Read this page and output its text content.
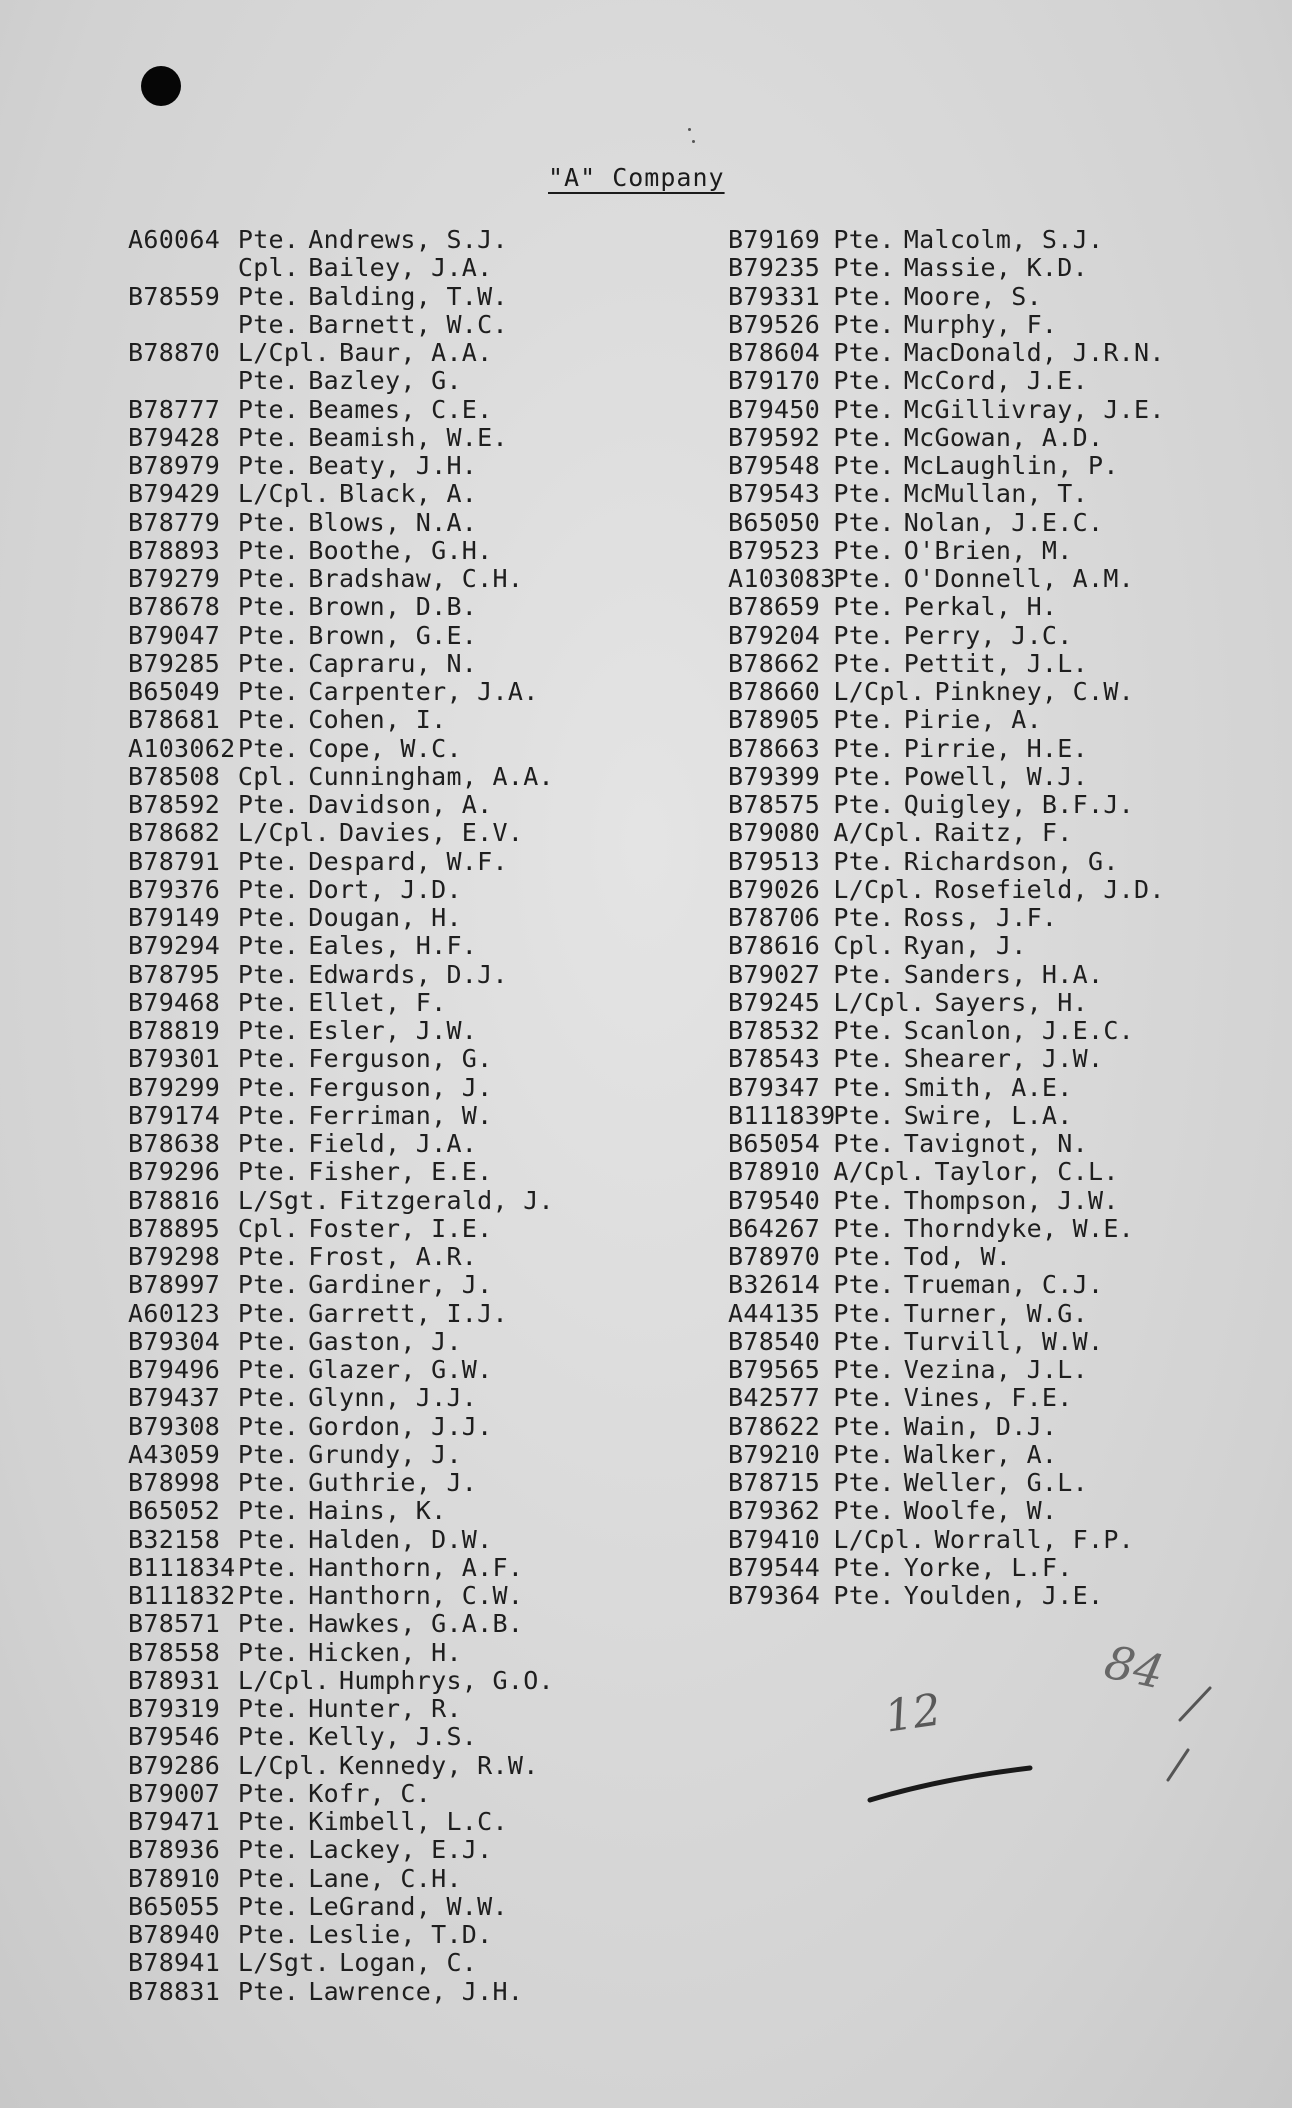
"A" Company
A60064 Pte. Andrews, S.J.
Cpl. Bailey, J.A.
B78559 Pte. Balding, T.W.
Pte. Barnett, W.C.
B78870 L/Cpl. Baur, A.A.
Pte. Bazley, G.
B78777 Pte. Beames, C.E.
B79428 Pte. Beamish, W.E.
B78979 Pte. Beaty, J.H.
B79429 L/Cpl. Black, A.
B78779 Pte. Blows, N.A.
B78893 Pte. Boothe, G.H.
B79279 Pte. Bradshaw, C.H.
B78678 Pte. Brown, D.B.
B79047 Pte. Brown, G.E.
B79285 Pte. Capraru, N.
B65049 Pte. Carpenter, J.A.
B78681 Pte. Cohen, I.
A103062Pte. Cope, W.C.
B78508 Cpl. Cunningham, A.A.
B78592 Pte. Davidson, A.
B78682 L/Cpl. Davies, E.V.
B78791 Pte. Despard, W.F.
B79376 Pte. Dort, J.D.
B79149 Pte. Dougan, H.
B79294 Pte. Eales, H.F.
B78795 Pte. Edwards, D.J.
B79468 Pte. Ellet, F.
B78819 Pte. Esler, J.W.
B79301 Pte. Ferguson, G.
B79299 Pte. Ferguson, J.
B79174 Pte. Ferriman, W.
B78638 Pte. Field, J.A.
B79296 Pte. Fisher, E.E.
B78816 L/Sgt. Fitzgerald, J.
B78895 Cpl. Foster, I.E.
B79298 Pte. Frost, A.R.
B78997 Pte. Gardiner, J.
A60123 Pte. Garrett, I.J.
B79304 Pte. Gaston, J.
B79496 Pte. Glazer, G.W.
B79437 Pte. Glynn, J.J.
B79308 Pte. Gordon, J.J.
A43059 Pte. Grundy, J.
B78998 Pte. Guthrie, J.
B65052 Pte. Hains, K.
B32158 Pte. Halden, D.W.
B111834Pte. Hanthorn, A.F.
B111832Pte. Hanthorn, C.W.
B78571 Pte. Hawkes, G.A.B.
B78558 Pte. Hicken, H.
B78931 L/Cpl. Humphrys, G.O.
B79319 Pte. Hunter, R.
B79546 Pte. Kelly, J.S.
B79286 L/Cpl. Kennedy, R.W.
B79007 Pte. Kofr, C.
B79471 Pte. Kimbell, L.C.
B78936 Pte. Lackey, E.J.
B78910 Pte. Lane, C.H.
B65055 Pte. LeGrand, W.W.
B78940 Pte. Leslie, T.D.
B78941 L/Sgt. Logan, C.
B78831 Pte. Lawrence, J.H.
B79169 Pte. Malcolm, S.J.
B79235 Pte. Massie, K.D.
B79331 Pte. Moore, S.
B79526 Pte. Murphy, F.
B78604 Pte. MacDonald, J.R.N.
B79170 Pte. McCord, J.E.
B79450 Pte. McGillivray, J.E.
B79592 Pte. McGowan, A.D.
B79548 Pte. McLaughlin, P.
B79543 Pte. McMullan, T.
B65050 Pte. Nolan, J.E.C.
B79523 Pte. O'Brien, M.
A103083Pte. O'Donnell, A.M.
B78659 Pte. Perkal, H.
B79204 Pte. Perry, J.C.
B78662 Pte. Pettit, J.L.
B78660 L/Cpl. Pinkney, C.W.
B78905 Pte. Pirie, A.
B78663 Pte. Pirrie, H.E.
B79399 Pte. Powell, W.J.
B78575 Pte. Quigley, B.F.J.
B79080 A/Cpl. Raitz, F.
B79513 Pte. Richardson, G.
B79026 L/Cpl. Rosefield, J.D.
B78706 Pte. Ross, J.F.
B78616 Cpl. Ryan, J.
B79027 Pte. Sanders, H.A.
B79245 L/Cpl. Sayers, H.
B78532 Pte. Scanlon, J.E.C.
B78543 Pte. Shearer, J.W.
B79347 Pte. Smith, A.E.
B111839Pte. Swire, L.A.
B65054 Pte. Tavignot, N.
B78910 A/Cpl. Taylor, C.L.
B79540 Pte. Thompson, J.W.
B64267 Pte. Thorndyke, W.E.
B78970 Pte. Tod, W.
B32614 Pte. Trueman, C.J.
A44135 Pte. Turner, W.G.
B78540 Pte. Turvill, W.W.
B79565 Pte. Vezina, J.L.
B42577 Pte. Vines, F.E.
B78622 Pte. Wain, D.J.
B79210 Pte. Walker, A.
B78715 Pte. Weller, G.L.
B79362 Pte. Woolfe, W.
B79410 L/Cpl. Worrall, F.P.
B79544 Pte. Yorke, L.F.
B79364 Pte. Youlden, J.E.
12
84
